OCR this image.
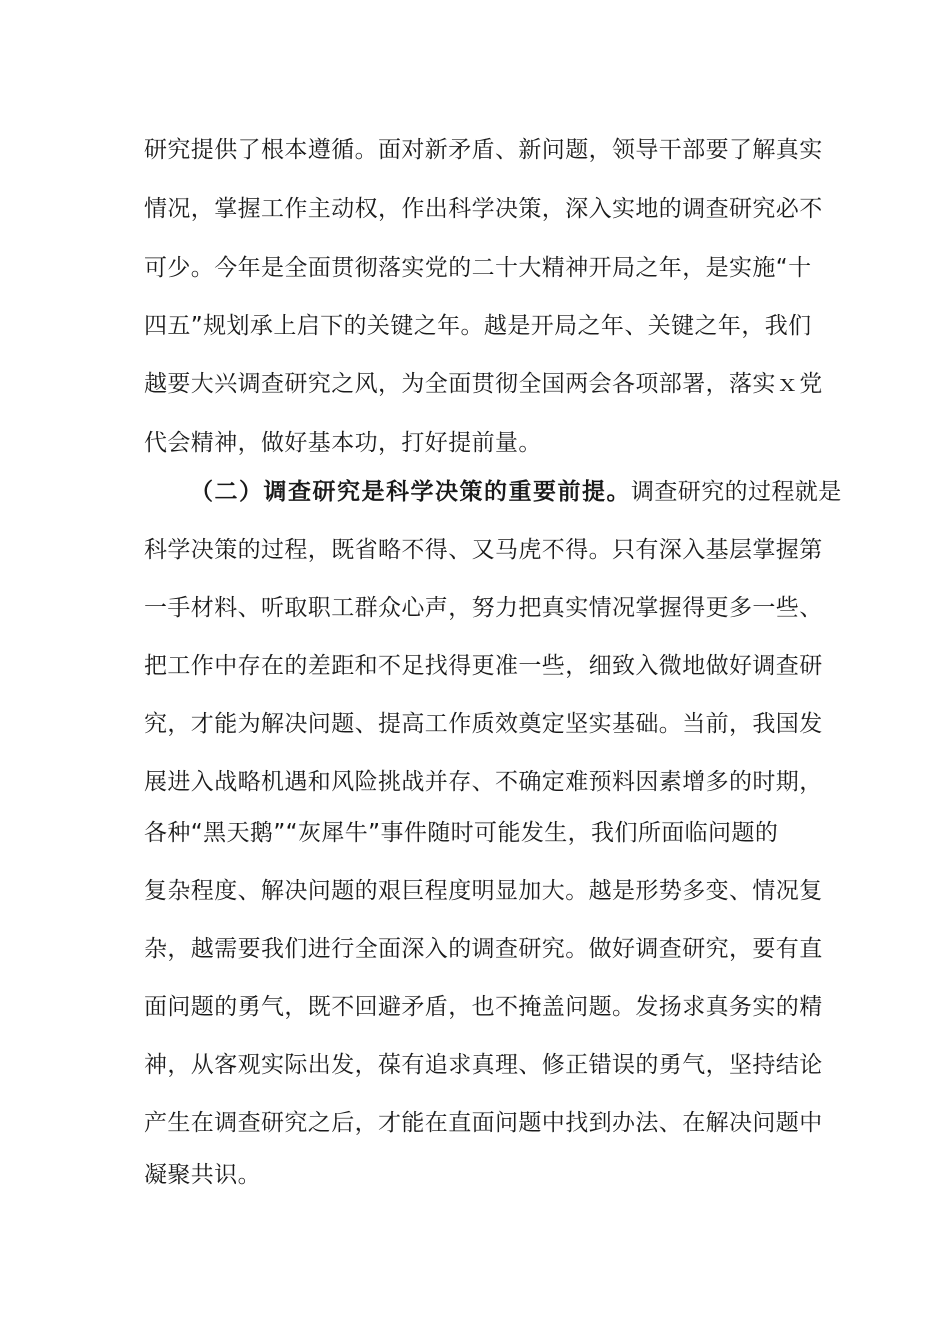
研究提供了根本遵循。面对新矛盾、新问题，领导干部要了解真实
情况，掌握工作主动权，作出科学决策，深入实地的调查研究必不
可少。今年是全面贯彻落实党的二十大精神开局之年，是实施“十
四五”规划承上启下的关键之年。越是开局之年、关键之年，我们
越要大兴调查研究之风，为全面贯彻全国两会各项部署，落实ｘ党
代会精神，做好基本功，打好提前量。
（二）调查研究是科学决策的重要前提。调查研究的过程就是
科学决策的过程，既省略不得、又马虎不得。只有深入基层掌握第
一手材料、听取职工群众心声，努力把真实情况掌握得更多一些、
把工作中存在的差距和不足找得更准一些，细致入微地做好调查研
究，才能为解决问题、提高工作质效奠定坚实基础。当前，我国发
展进入战略机遇和风险挑战并存、不确定难预料因素增多的时期，
各种“黑天鹅”“灰犀牛”事件随时可能发生，我们所面临问题的
复杂程度、解决问题的艰巨程度明显加大。越是形势多变、情况复
杂，越需要我们进行全面深入的调查研究。做好调查研究，要有直
面问题的勇气，既不回避矛盾，也不掩盖问题。发扬求真务实的精
神，从客观实际出发，葆有追求真理、修正错误的勇气，坚持结论
产生在调查研究之后，才能在直面问题中找到办法、在解决问题中
凝聚共识。
